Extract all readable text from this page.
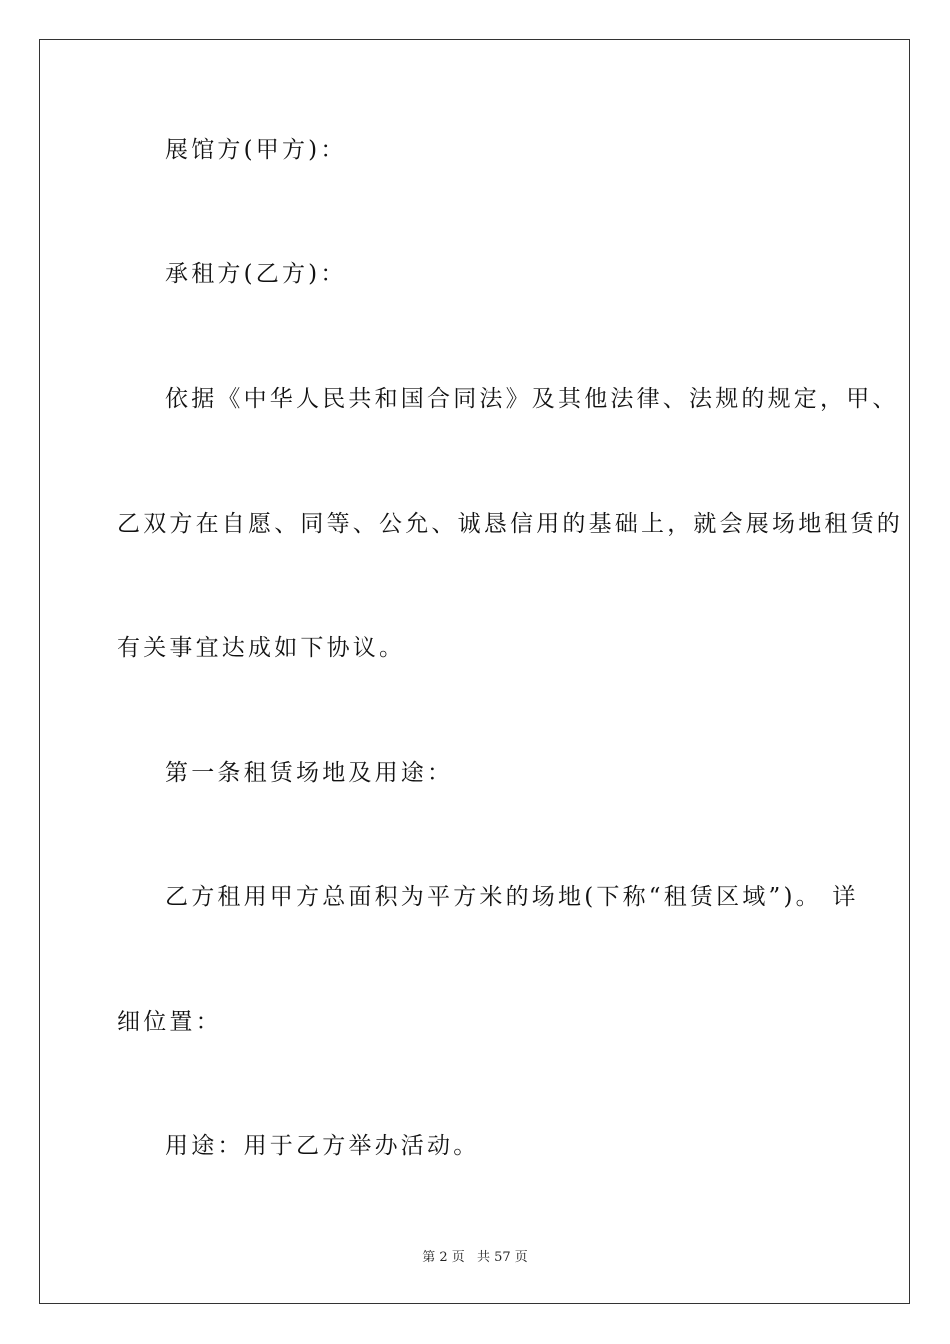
展馆方(甲方)：
承租方(乙方)：
依据《中华人民共和国合同法》及其他法律、法规的规定，甲、
乙双方在自愿、同等、公允、诚恳信用的基础上，就会展场地租赁的
有关事宜达成如下协议。
第一条租赁场地及用途：
乙方租用甲方总面积为平方米的场地(下称“租赁区域”)。 详
细位置：
用途：用于乙方举办活动。
第 2 页 共 57 页
